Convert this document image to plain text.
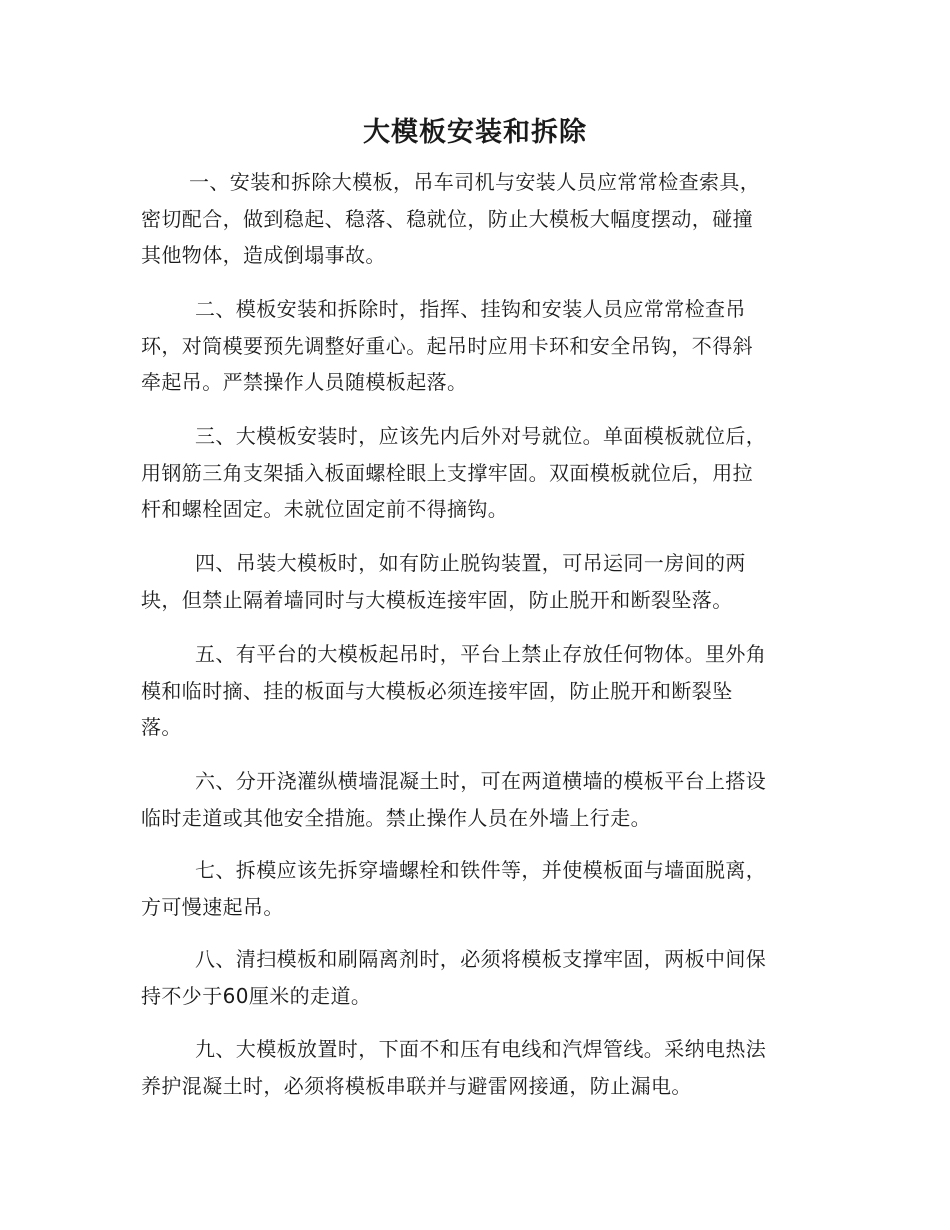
大模板安装和拆除
一、安装和拆除大模板，吊车司机与安装人员应常常检查索具，
密切配合，做到稳起、稳落、稳就位，防止大模板大幅度摆动，碰撞
其他物体，造成倒塌事故。
二、模板安装和拆除时，指挥、挂钩和安装人员应常常检查吊
环，对筒模要预先调整好重心。起吊时应用卡环和安全吊钩，不得斜
牵起吊。严禁操作人员随模板起落。
三、大模板安装时，应该先内后外对号就位。单面模板就位后，
用钢筋三角支架插入板面螺栓眼上支撑牢固。双面模板就位后，用拉
杆和螺栓固定。未就位固定前不得摘钩。
四、吊装大模板时，如有防止脱钩装置，可吊运同一房间的两
块，但禁止隔着墙同时与大模板连接牢固，防止脱开和断裂坠落。
五、有平台的大模板起吊时，平台上禁止存放任何物体。里外角
模和临时摘、挂的板面与大模板必须连接牢固，防止脱开和断裂坠
落。
六、分开浇灌纵横墙混凝土时，可在两道横墙的模板平台上搭设
临时走道或其他安全措施。禁止操作人员在外墙上行走。
七、拆模应该先拆穿墙螺栓和铁件等，并使模板面与墙面脱离，
方可慢速起吊。
八、清扫模板和刷隔离剂时，必须将模板支撑牢固，两板中间保
持不少于60厘米的走道。
九、大模板放置时，下面不和压有电线和汽焊管线。采纳电热法
养护混凝土时，必须将模板串联并与避雷网接通，防止漏电。
